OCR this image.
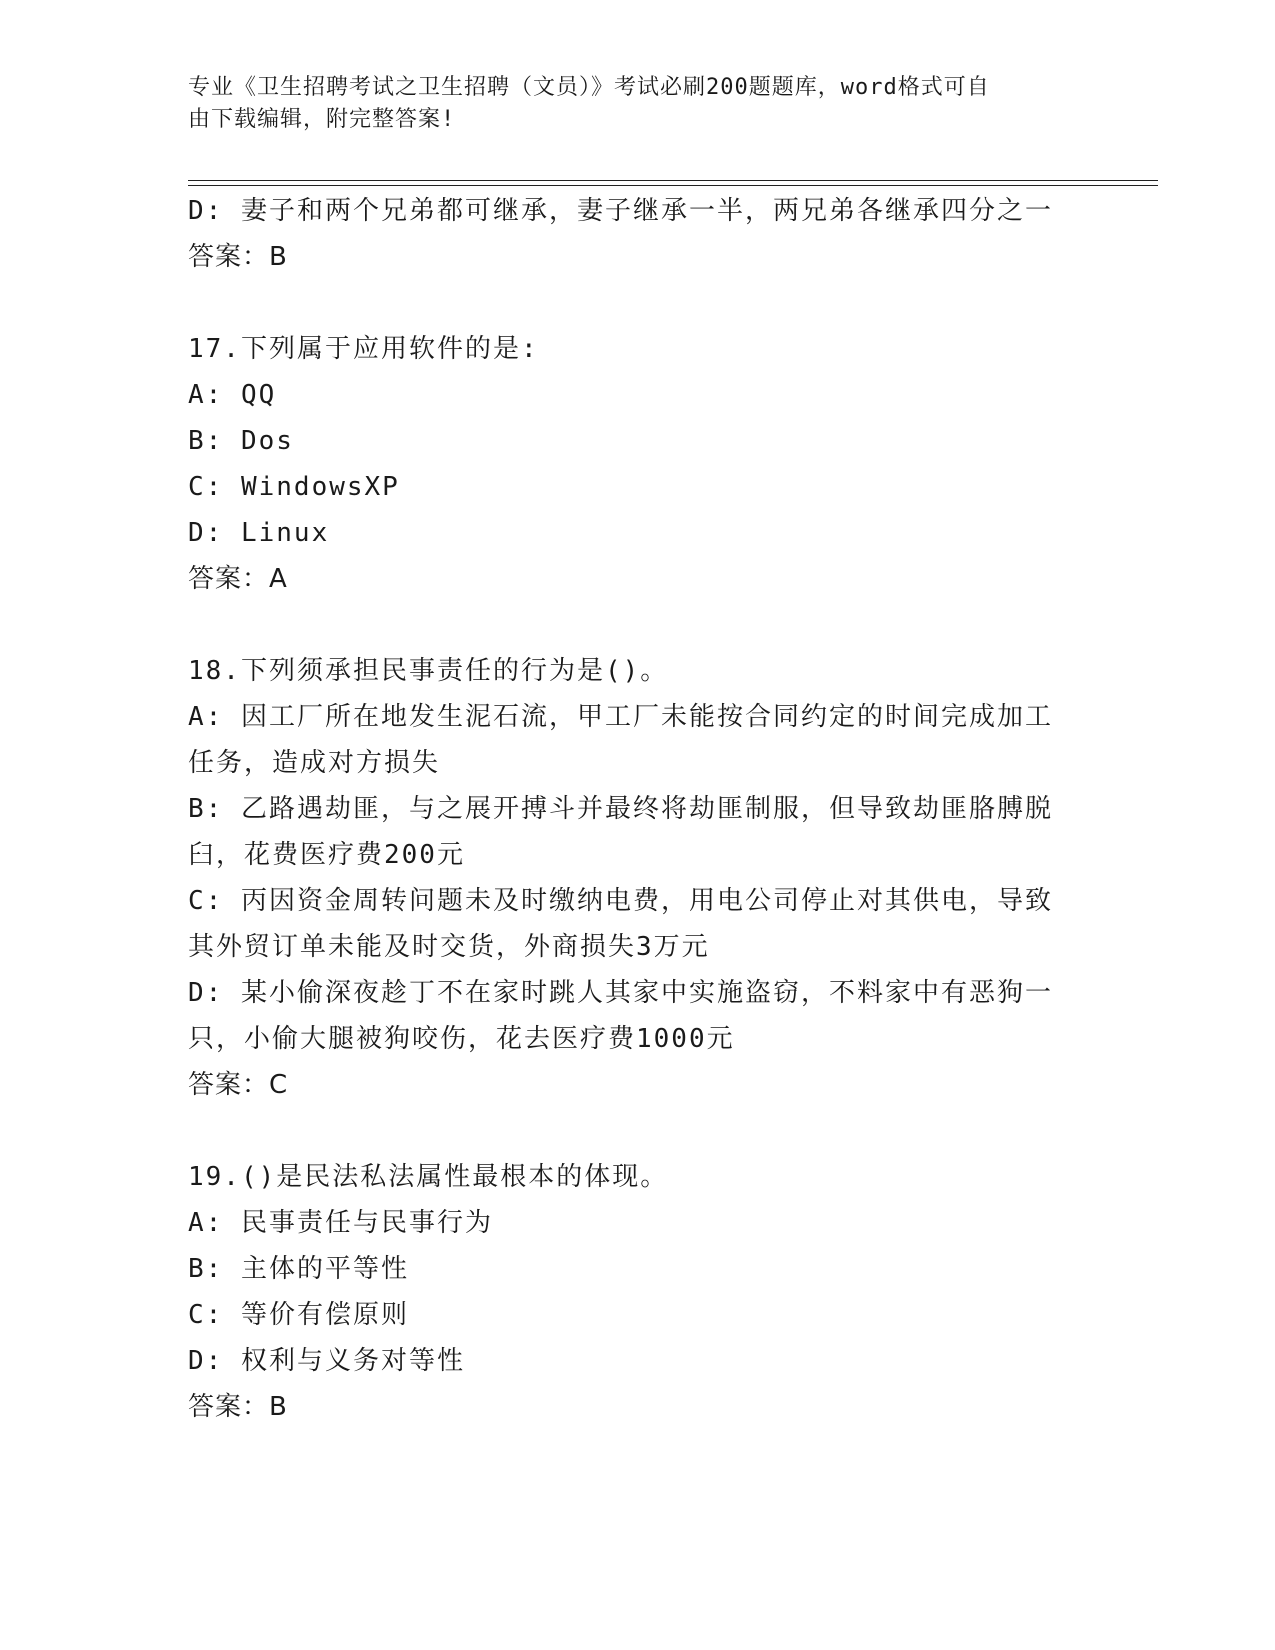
专业《卫生招聘考试之卫生招聘（文员）》考试必刷200题题库，word格式可自
由下载编辑，附完整答案!
D: 妻子和两个兄弟都可继承，妻子继承一半，两兄弟各继承四分之一
答案：B
17.下列属于应用软件的是:
A: QQ
B: Dos
C: WindowsXP
D: Linux
答案：A
18.下列须承担民事责任的行为是()。
A: 因工厂所在地发生泥石流，甲工厂未能按合同约定的时间完成加工
任务，造成对方损失
B: 乙路遇劫匪，与之展开搏斗并最终将劫匪制服，但导致劫匪胳膊脱
臼，花费医疗费200元
C: 丙因资金周转问题未及时缴纳电费，用电公司停止对其供电，导致
其外贸订单未能及时交货，外商损失3万元
D: 某小偷深夜趁丁不在家时跳人其家中实施盗窃，不料家中有恶狗一
只，小偷大腿被狗咬伤，花去医疗费1000元
答案：C
19.()是民法私法属性最根本的体现。
A: 民事责任与民事行为
B: 主体的平等性
C: 等价有偿原则
D: 权利与义务对等性
答案：B
